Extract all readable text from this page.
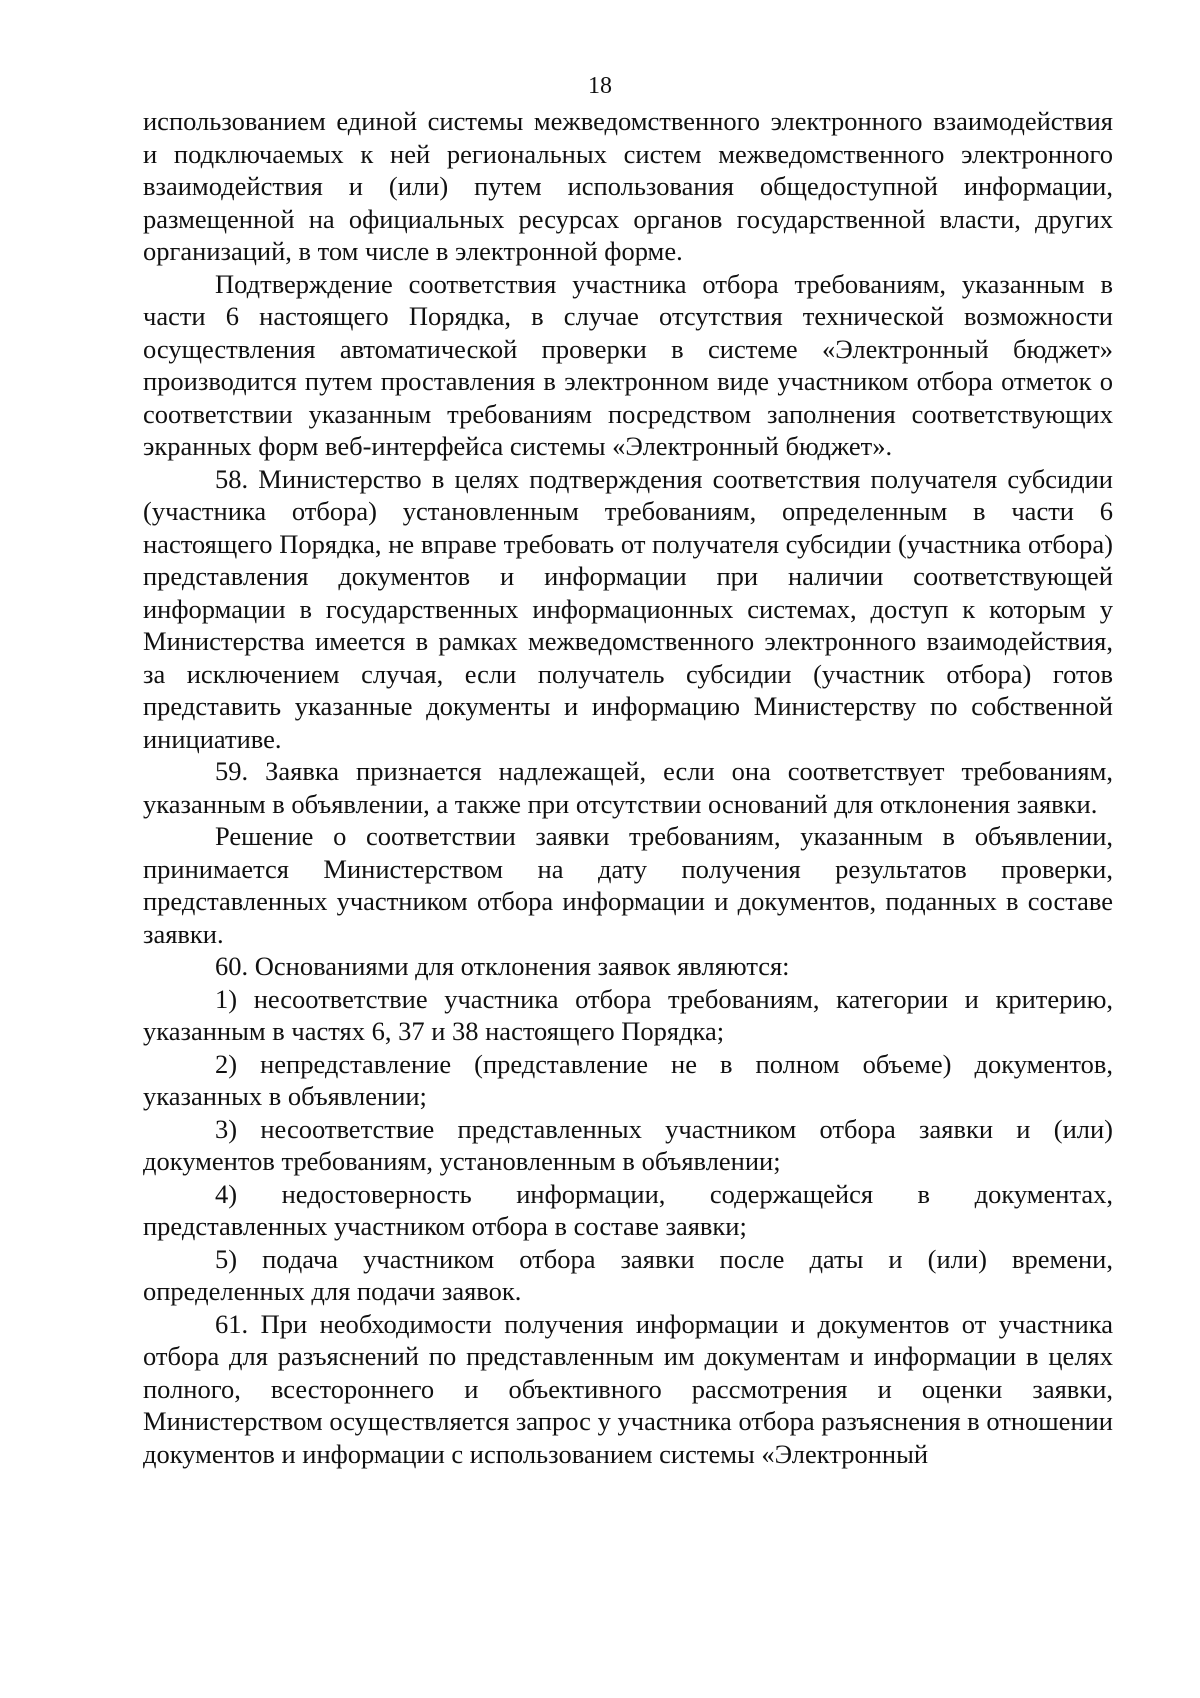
18

использованием единой системы межведомственного электронного взаимодействия и подключаемых к ней региональных систем межведомственного электронного взаимодействия и (или) путем использования общедоступной информации, размещенной на официальных ресурсах органов государственной власти, других организаций, в том числе в электронной форме.

Подтверждение соответствия участника отбора требованиям, указанным в части 6 настоящего Порядка, в случае отсутствия технической возможности осуществления автоматической проверки в системе «Электронный бюджет» производится путем проставления в электронном виде участником отбора отметок о соответствии указанным требованиям посредством заполнения соответствующих экранных форм веб-интерфейса системы «Электронный бюджет».

58. Министерство в целях подтверждения соответствия получателя субсидии (участника отбора) установленным требованиям, определенным в части 6 настоящего Порядка, не вправе требовать от получателя субсидии (участника отбора) представления документов и информации при наличии соответствующей информации в государственных информационных системах, доступ к которым у Министерства имеется в рамках межведомственного электронного взаимодействия, за исключением случая, если получатель субсидии (участник отбора) готов представить указанные документы и информацию Министерству по собственной инициативе.

59. Заявка признается надлежащей, если она соответствует требованиям, указанным в объявлении, а также при отсутствии оснований для отклонения заявки.

Решение о соответствии заявки требованиям, указанным в объявлении, принимается Министерством на дату получения результатов проверки, представленных участником отбора информации и документов, поданных в составе заявки.

60. Основаниями для отклонения заявок являются:

1) несоответствие участника отбора требованиям, категории и критерию, указанным в частях 6, 37 и 38 настоящего Порядка;

2) непредставление (представление не в полном объеме) документов, указанных в объявлении;

3) несоответствие представленных участником отбора заявки и (или) документов требованиям, установленным в объявлении;

4) недостоверность информации, содержащейся в документах, представленных участником отбора в составе заявки;

5) подача участником отбора заявки после даты и (или) времени, определенных для подачи заявок.

61. При необходимости получения информации и документов от участника отбора для разъяснений по представленным им документам и информации в целях полного, всестороннего и объективного рассмотрения и оценки заявки, Министерством осуществляется запрос у участника отбора разъяснения в отношении документов и информации с использованием системы «Электронный
